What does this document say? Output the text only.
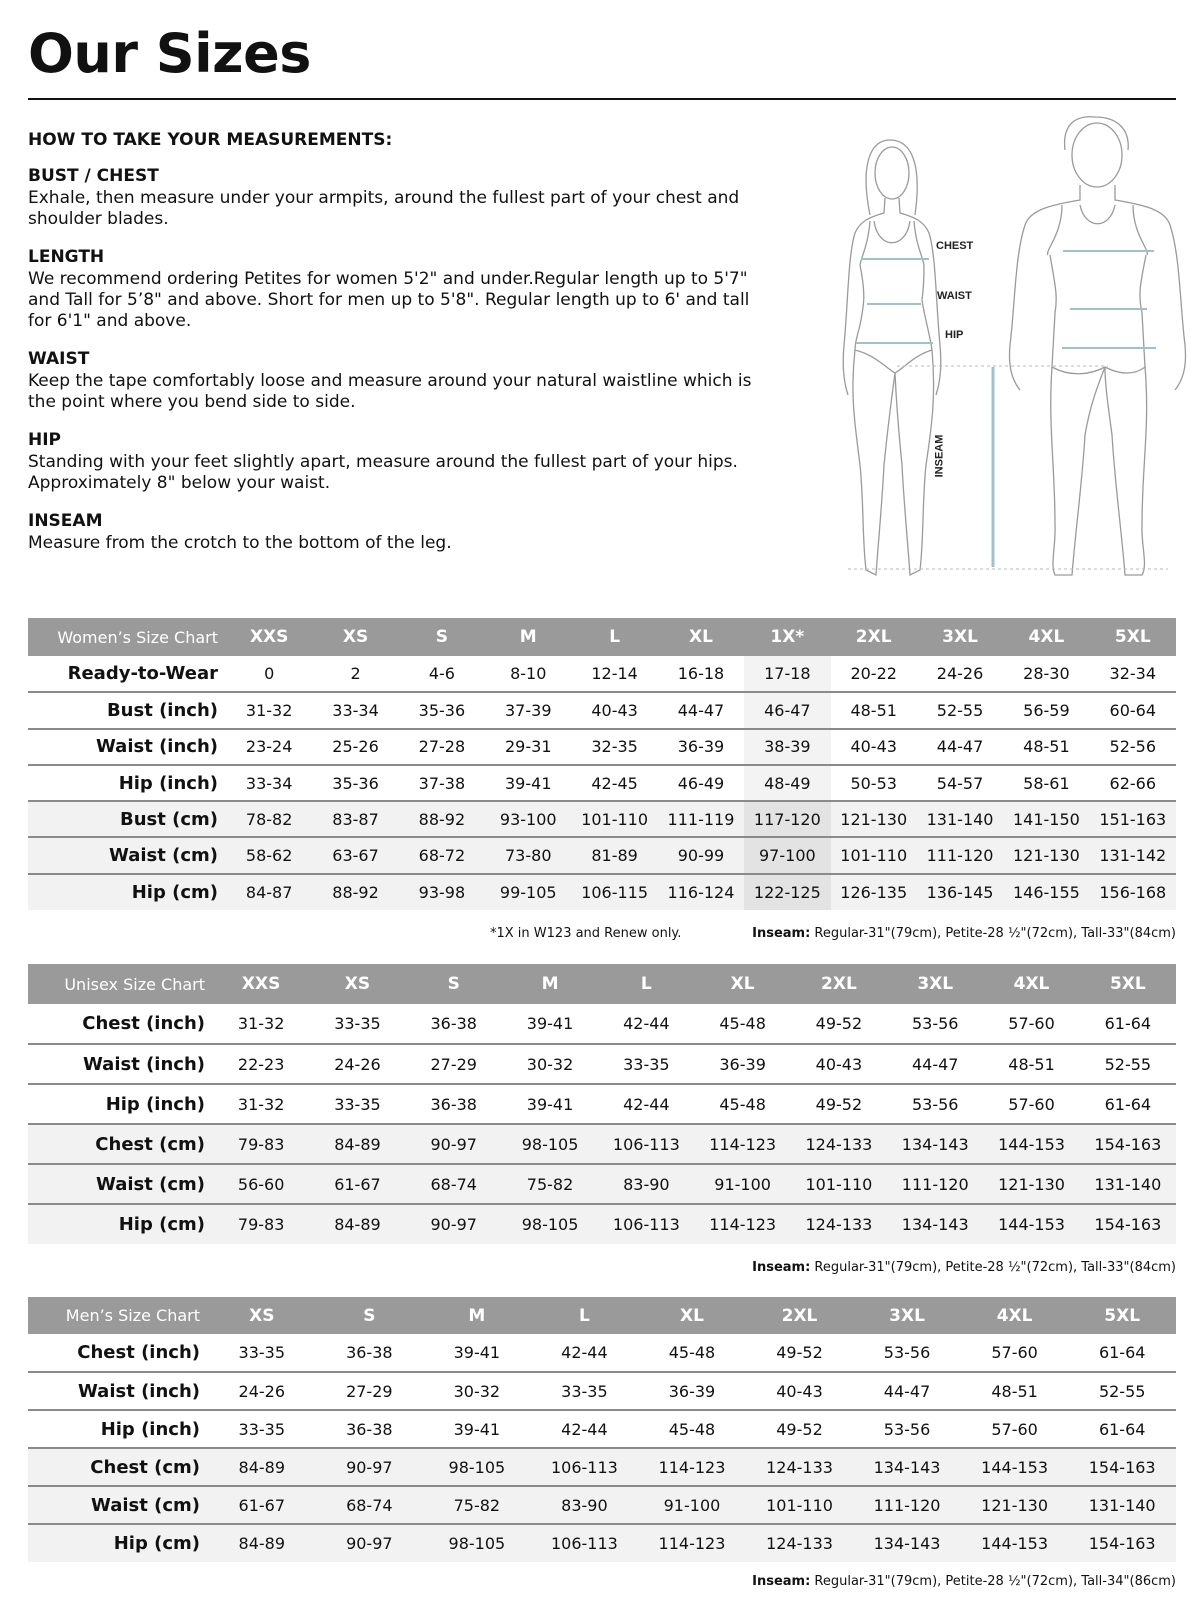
Our Sizes
HOW TO TAKE YOUR MEASUREMENTS:
BUST / CHEST

Exhale, then measure under your armpits, around the fullest part of your chest and shoulder blades.

LENGTH

We recommend ordering Petites for women 5'2" and under.Regular length up to 5'7" and Tall for 5’8" and above. Short for men up to 5'8". Regular length up to 6' and tall for 6'1" and above.

WAIST

Keep the tape comfortably loose and measure around your natural waistline which is the point where you bend side to side.

HIP

Standing with your feet slightly apart, measure around the fullest part of your hips. Approximately 8" below your waist.

INSEAM

Measure from the crotch to the bottom of the leg.

CHEST
WAIST
HIP
INSEAM
Women’s Size Chart	XXS	XS	S	M	L	XL	1X*	2XL	3XL	4XL	5XL
Ready-to-Wear	0	2	4-6	8-10	12-14	16-18	17-18	20-22	24-26	28-30	32-34
Bust (inch)	31-32	33-34	35-36	37-39	40-43	44-47	46-47	48-51	52-55	56-59	60-64
Waist (inch)	23-24	25-26	27-28	29-31	32-35	36-39	38-39	40-43	44-47	48-51	52-56
Hip (inch)	33-34	35-36	37-38	39-41	42-45	46-49	48-49	50-53	54-57	58-61	62-66
Bust (cm)	78-82	83-87	88-92	93-100	101-110	111-119	117-120	121-130	131-140	141-150	151-163
Waist (cm)	58-62	63-67	68-72	73-80	81-89	90-99	97-100	101-110	111-120	121-130	131-142
Hip (cm)	84-87	88-92	93-98	99-105	106-115	116-124	122-125	126-135	136-145	146-155	156-168
*1X in W123 and Renew only.	Inseam: Regular-31"(79cm), Petite-28 ½"(72cm), Tall-33"(84cm)
Unisex Size Chart	XXS	XS	S	M	L	XL	2XL	3XL	4XL	5XL
Chest (inch)	31-32	33-35	36-38	39-41	42-44	45-48	49-52	53-56	57-60	61-64
Waist (inch)	22-23	24-26	27-29	30-32	33-35	36-39	40-43	44-47	48-51	52-55
Hip (inch)	31-32	33-35	36-38	39-41	42-44	45-48	49-52	53-56	57-60	61-64
Chest (cm)	79-83	84-89	90-97	98-105	106-113	114-123	124-133	134-143	144-153	154-163
Waist (cm)	56-60	61-67	68-74	75-82	83-90	91-100	101-110	111-120	121-130	131-140
Hip (cm)	79-83	84-89	90-97	98-105	106-113	114-123	124-133	134-143	144-153	154-163
Inseam: Regular-31"(79cm), Petite-28 ½"(72cm), Tall-33"(84cm)
Men’s Size Chart	XS	S	M	L	XL	2XL	3XL	4XL	5XL
Chest (inch)	33-35	36-38	39-41	42-44	45-48	49-52	53-56	57-60	61-64
Waist (inch)	24-26	27-29	30-32	33-35	36-39	40-43	44-47	48-51	52-55
Hip (inch)	33-35	36-38	39-41	42-44	45-48	49-52	53-56	57-60	61-64
Chest (cm)	84-89	90-97	98-105	106-113	114-123	124-133	134-143	144-153	154-163
Waist (cm)	61-67	68-74	75-82	83-90	91-100	101-110	111-120	121-130	131-140
Hip (cm)	84-89	90-97	98-105	106-113	114-123	124-133	134-143	144-153	154-163
Inseam: Regular-31"(79cm), Petite-28 ½"(72cm), Tall-34"(86cm)
